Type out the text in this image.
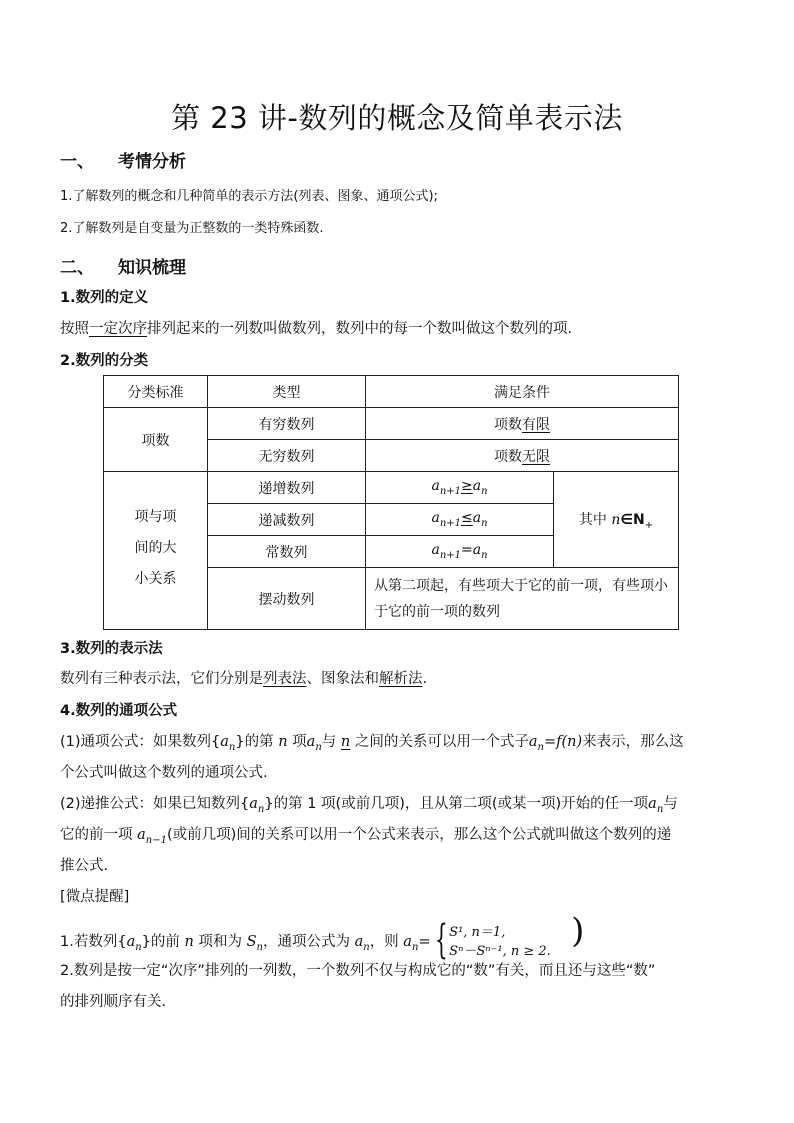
第 23 讲-数列的概念及简单表示法
一、 考情分析
1.了解数列的概念和几种简单的表示方法(列表、图象、通项公式);
2.了解数列是自变量为正整数的一类特殊函数.
二、 知识梳理
1.数列的定义
按照一定次序排列起来的一列数叫做数列，数列中的每一个数叫做这个数列的项.
2.数列的分类
分类标准	类型	满足条件	
项数	有穷数列	项数有限	
	无穷数列	项数无限	

项与项
间的大
小关系	递增数列	$a_{n+1}\ge a_n$	其中 $n\in N_+$
	递减数列	$a_{n+1}\le a_n$
	常数列	$a_{n+1}=a_n$
	摆动数列	从第二项起，有些项大于它的前一项，有些项小于它的前一项的数列	
3.数列的表示法
数列有三种表示法，它们分别是列表法、图象法和解析法.
4.数列的通项公式
(1)通项公式：如果数列$\{a_n\}$的第 n 项$a_n$与 n 之间的关系可以用一个式子$a_n=f(n)$来表示，那么这
个公式叫做这个数列的通项公式.
(2)递推公式：如果已知数列$\{a_n\}$的第 1 项(或前几项)，且从第二项(或某一项)开始的任一项$a_n$与
它的前一项 $a_{n-1}$(或前几项)间的关系可以用一个公式来表示，那么这个公式就叫做这个数列的递
推公式.
[微点提醒]
1.若数列$\{a_n\}$的前 n 项和为 $S_n$，通项公式为 $a_n$，则 $a_n=$ { S¹, n＝1,
Sⁿ－Sⁿ⁻¹, n ≥ 2.
)
2.数列是按一定“次序”排列的一列数，一个数列不仅与构成它的“数”有关，而且还与这些“数”
的排列顺序有关.
